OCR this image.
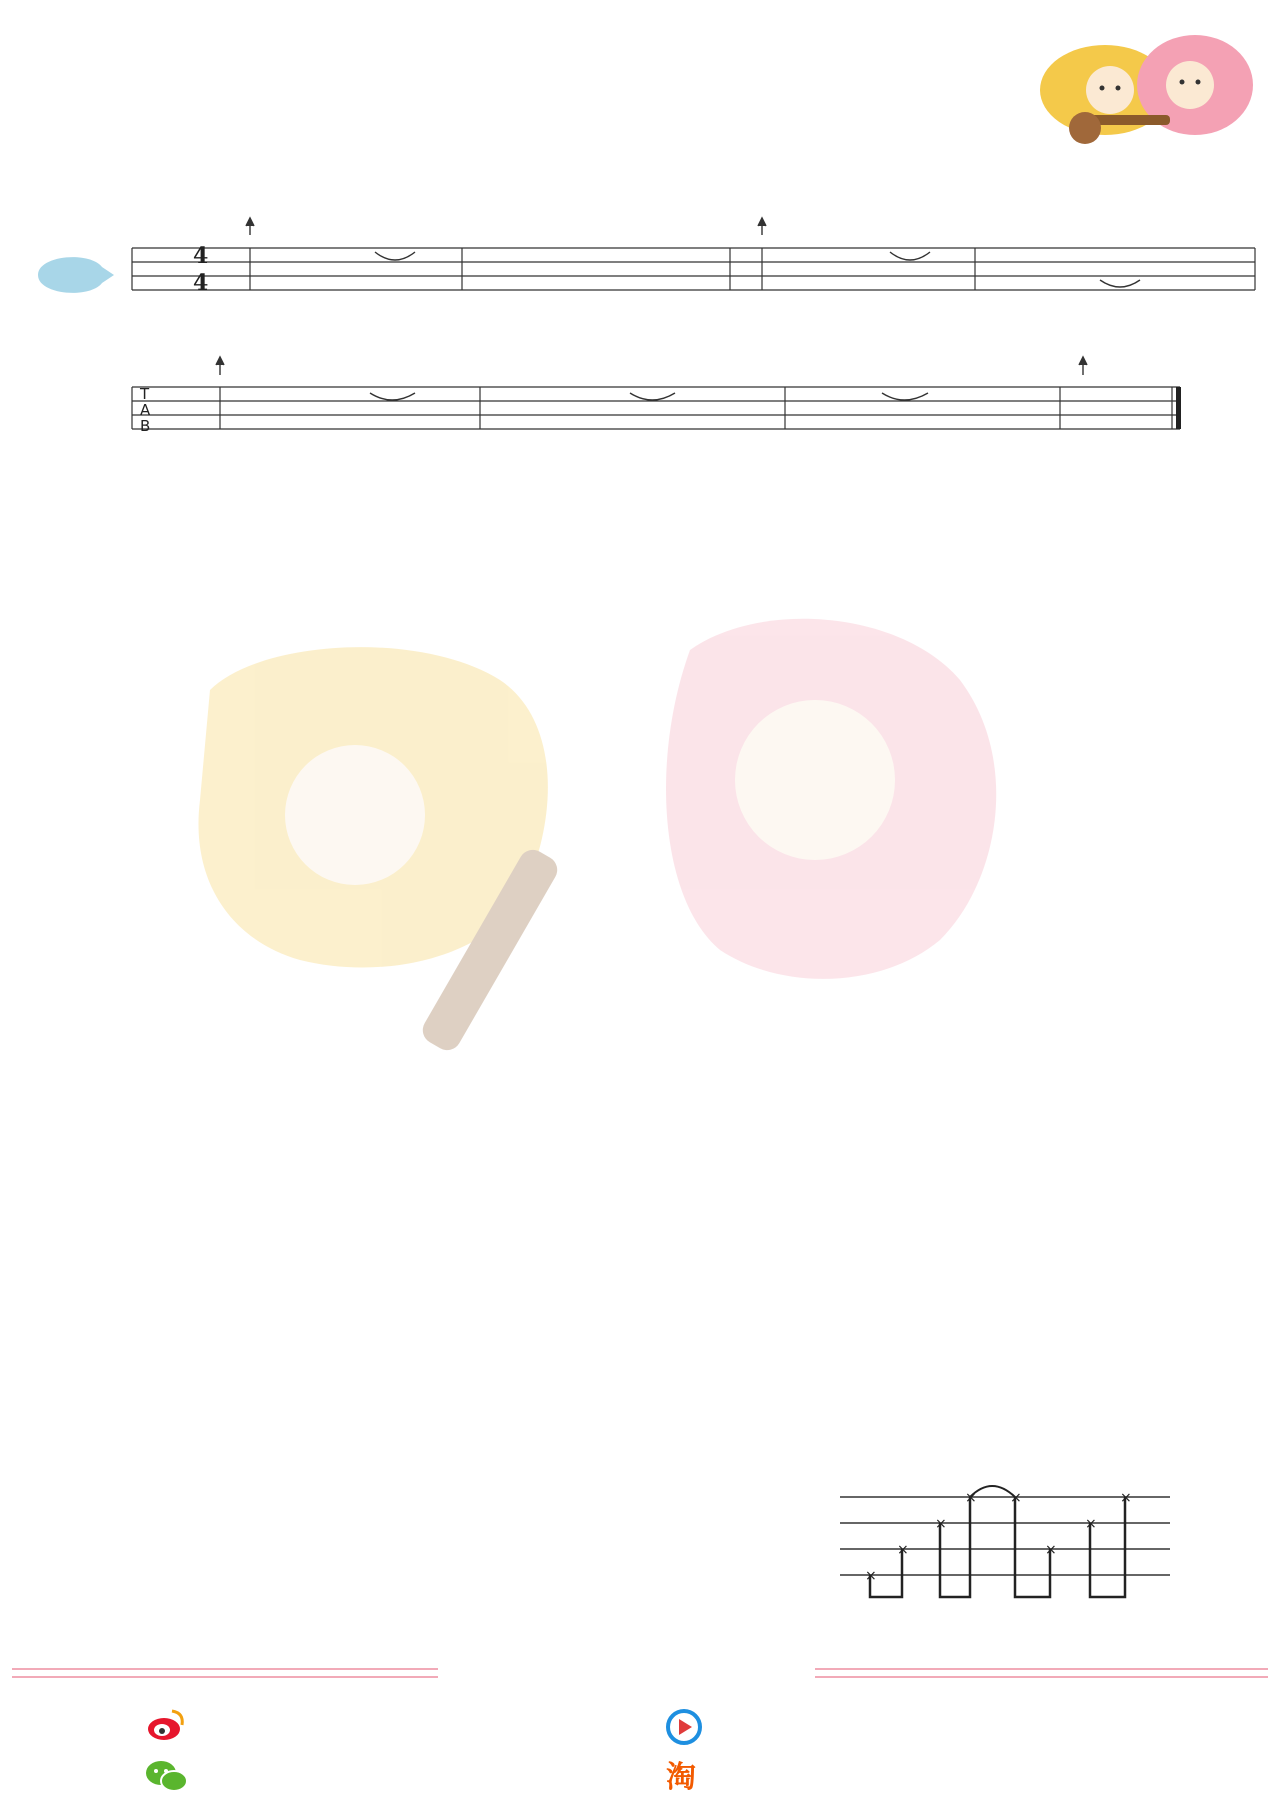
4
4
T
A
B
×
×
×
× ×
×
×
×
淘
